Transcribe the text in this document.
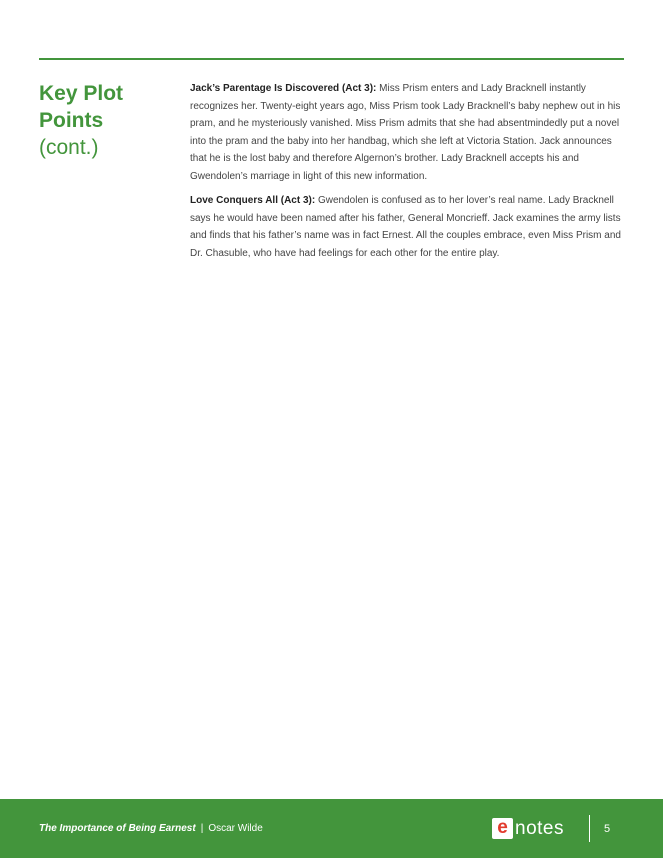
Key Plot
Points
(cont.)

Jack’s Parentage Is Discovered (Act 3): Miss Prism enters and Lady Bracknell instantly recognizes her. Twenty-eight years ago, Miss Prism took Lady Bracknell’s baby nephew out in his pram, and he mysteriously vanished. Miss Prism admits that she had absentmindedly put a novel into the pram and the baby into her handbag, which she left at Victoria Station. Jack announces that he is the lost baby and therefore Algernon’s brother. Lady Bracknell accepts his and Gwendolen’s marriage in light of this new information.

Love Conquers All (Act 3): Gwendolen is confused as to her lover’s real name. Lady Bracknell says he would have been named after his father, General Moncrieff. Jack examines the army lists and finds that his father’s name was in fact Ernest. All the couples embrace, even Miss Prism and Dr. Chasuble, who have had feelings for each other for the entire play.

The Importance of Being Earnest | Oscar Wilde	e notes	5
